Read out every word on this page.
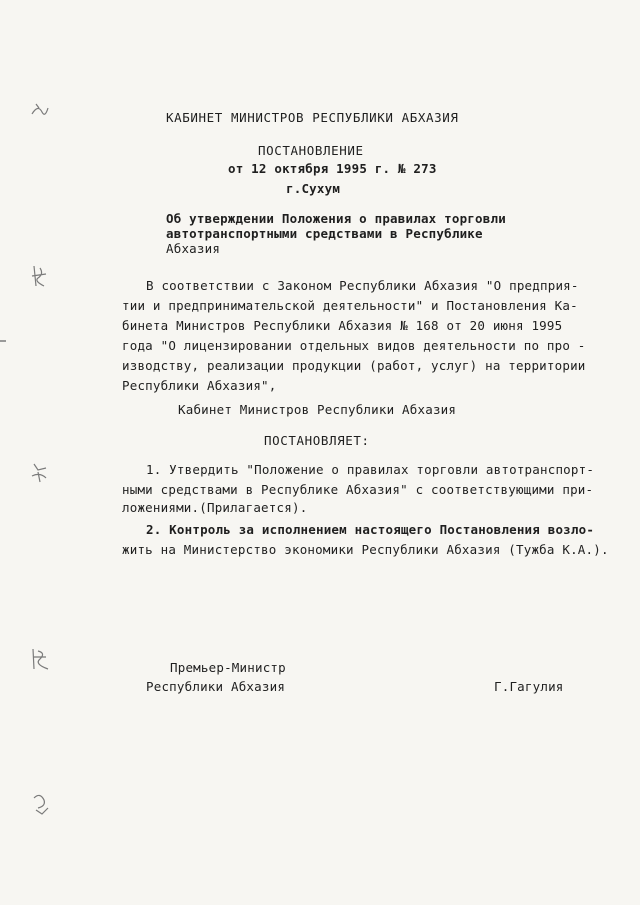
КАБИНЕТ МИНИСТРОВ РЕСПУБЛИКИ АБХАЗИЯ
ПОСТАНОВЛЕНИЕ
от 12 октября 1995 г. № 273
г.Сухум
Об утверждении Положения о правилах торговли
автотранспортными средствами в Республике
Абхазия
В соответствии с Законом Республики Абхазия "О предприя-
тии и предпринимательской деятельности" и Постановления Ка-
бинета Министров Республики Абхазия № 168 от 20 июня 1995
года "О лицензировании отдельных видов деятельности по про -
изводству, реализации продукции (работ, услуг) на территории
Республики Абхазия",
Кабинет Министров Республики Абхазия
ПОСТАНОВЛЯЕТ:
1. Утвердить "Положение о правилах торговли автотранспорт-
ными средствами в Республике Абхазия" с соответствующими при-
ложениями.(Прилагается).
2. Контроль за исполнением настоящего Постановления возло-
жить на Министерство экономики Республики Абхазия (Тужба К.А.).
Премьер-Министр
Республики Абхазия	Г.Гагулия
